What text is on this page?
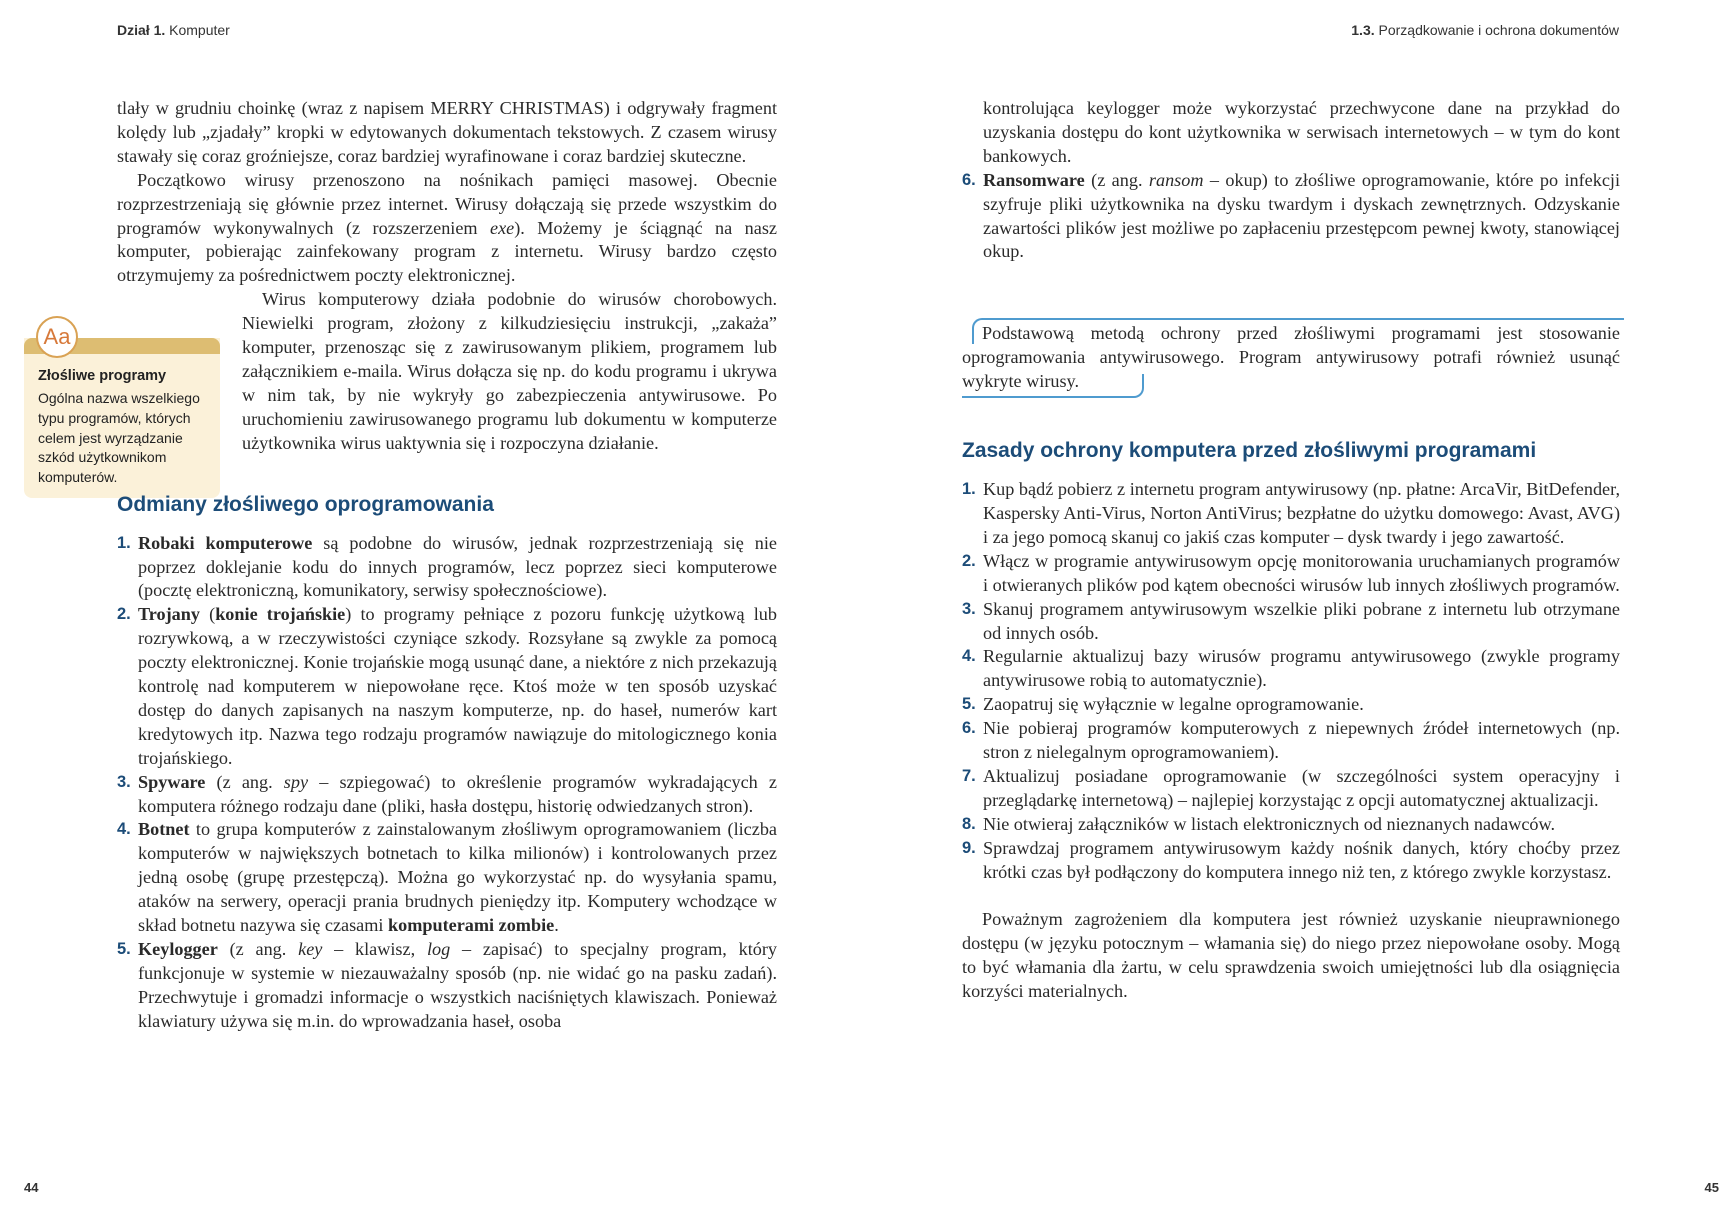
Dział 1. Komputer	1.3. Porządkowanie i ochrona dokumentów
Aa
Złośliwe programy
Ogólna nazwa wszelkiego typu programów, których celem jest wyrządzanie szkód użytkownikom komputerów.

tlały w grudniu choinkę (wraz z napisem MERRY CHRISTMAS) i odgrywały fragment kolędy lub „zjadały” kropki w edytowanych dokumentach tekstowych. Z czasem wirusy stawały się coraz groźniejsze, coraz bardziej wyrafinowane i coraz bardziej skuteczne.

Początkowo wirusy przenoszono na nośnikach pamięci masowej. Obecnie rozprzestrzeniają się głównie przez internet. Wirusy dołączają się przede wszystkim do programów wykonywalnych (z rozszerzeniem exe). Możemy je ściągnąć na nasz komputer, pobierając zainfekowany program z internetu. Wirusy bardzo często otrzymujemy za pośrednictwem poczty elektronicznej.

Wirus komputerowy działa podobnie do wirusów chorobowych. Niewielki program, złożony z kilkudziesięciu instrukcji, „zakaża” komputer, przenosząc się z zawirusowanym plikiem, programem lub załącznikiem e-maila. Wirus dołącza się np. do kodu programu i ukrywa w nim tak, by nie wykryły go zabezpieczenia antywirusowe. Po uruchomieniu zawirusowanego programu lub dokumentu w komputerze użytkownika wirus uaktywnia się i rozpoczyna działanie.

Odmiany złośliwego oprogramowania
1. Robaki komputerowe są podobne do wirusów, jednak rozprzestrzeniają się nie poprzez doklejanie kodu do innych programów, lecz poprzez sieci komputerowe (pocztę elektroniczną, komunikatory, serwisy społecznościowe).
2. Trojany (konie trojańskie) to programy pełniące z pozoru funkcję użytkową lub rozrywkową, a w rzeczywistości czyniące szkody. Rozsyłane są zwykle za pomocą poczty elektronicznej. Konie trojańskie mogą usunąć dane, a niektóre z nich przekazują kontrolę nad komputerem w niepowołane ręce. Ktoś może w ten sposób uzyskać dostęp do danych zapisanych na naszym komputerze, np. do haseł, numerów kart kredytowych itp. Nazwa tego rodzaju programów nawiązuje do mitologicznego konia trojańskiego.
3. Spyware (z ang. spy – szpiegować) to określenie programów wykradających z komputera różnego rodzaju dane (pliki, hasła dostępu, historię odwiedzanych stron).
4. Botnet to grupa komputerów z zainstalowanym złośliwym oprogramowaniem (liczba komputerów w największych botnetach to kilka milionów) i kontrolowanych przez jedną osobę (grupę przestępczą). Można go wykorzystać np. do wysyłania spamu, ataków na serwery, operacji prania brudnych pieniędzy itp. Komputery wchodzące w skład botnetu nazywa się czasami komputerami zombie.
5. Keylogger (z ang. key – klawisz, log – zapisać) to specjalny program, który funkcjonuje w systemie w niezauważalny sposób (np. nie widać go na pasku zadań). Przechwytuje i gromadzi informacje o wszystkich naciśniętych klawiszach. Ponieważ klawiatury używa się m.in. do wprowadzania haseł, osoba
kontrolująca keylogger może wykorzystać przechwycone dane na przykład do uzyskania dostępu do kont użytkownika w serwisach internetowych – w tym do kont bankowych.
6. Ransomware (z ang. ransom – okup) to złośliwe oprogramowanie, które po infekcji szyfruje pliki użytkownika na dysku twardym i dyskach zewnętrznych. Odzyskanie zawartości plików jest możliwe po zapłaceniu przestępcom pewnej kwoty, stanowiącej okup.

Podstawową metodą ochrony przed złośliwymi programami jest stosowanie oprogramowania antywirusowego. Program antywirusowy potrafi również usunąć wykryte wirusy.

Zasady ochrony komputera przed złośliwymi programami
1. Kup bądź pobierz z internetu program antywirusowy (np. płatne: ArcaVir, BitDefender, Kaspersky Anti-Virus, Norton AntiVirus; bezpłatne do użytku domowego: Avast, AVG) i za jego pomocą skanuj co jakiś czas komputer – dysk twardy i jego zawartość.
2. Włącz w programie antywirusowym opcję monitorowania uruchamianych programów i otwieranych plików pod kątem obecności wirusów lub innych złośliwych programów.
3. Skanuj programem antywirusowym wszelkie pliki pobrane z internetu lub otrzymane od innych osób.
4. Regularnie aktualizuj bazy wirusów programu antywirusowego (zwykle programy antywirusowe robią to automatycznie).
5. Zaopatruj się wyłącznie w legalne oprogramowanie.
6. Nie pobieraj programów komputerowych z niepewnych źródeł internetowych (np. stron z nielegalnym oprogramowaniem).
7. Aktualizuj posiadane oprogramowanie (w szczególności system operacyjny i przeglądarkę internetową) – najlepiej korzystając z opcji automatycznej aktualizacji.
8. Nie otwieraj załączników w listach elektronicznych od nieznanych nadawców.
9. Sprawdzaj programem antywirusowym każdy nośnik danych, który choćby przez krótki czas był podłączony do komputera innego niż ten, z którego zwykle korzystasz.

Poważnym zagrożeniem dla komputera jest również uzyskanie nieuprawnionego dostępu (w języku potocznym – włamania się) do niego przez niepowołane osoby. Mogą to być włamania dla żartu, w celu sprawdzenia swoich umiejętności lub dla osiągnięcia korzyści materialnych.

44	45
